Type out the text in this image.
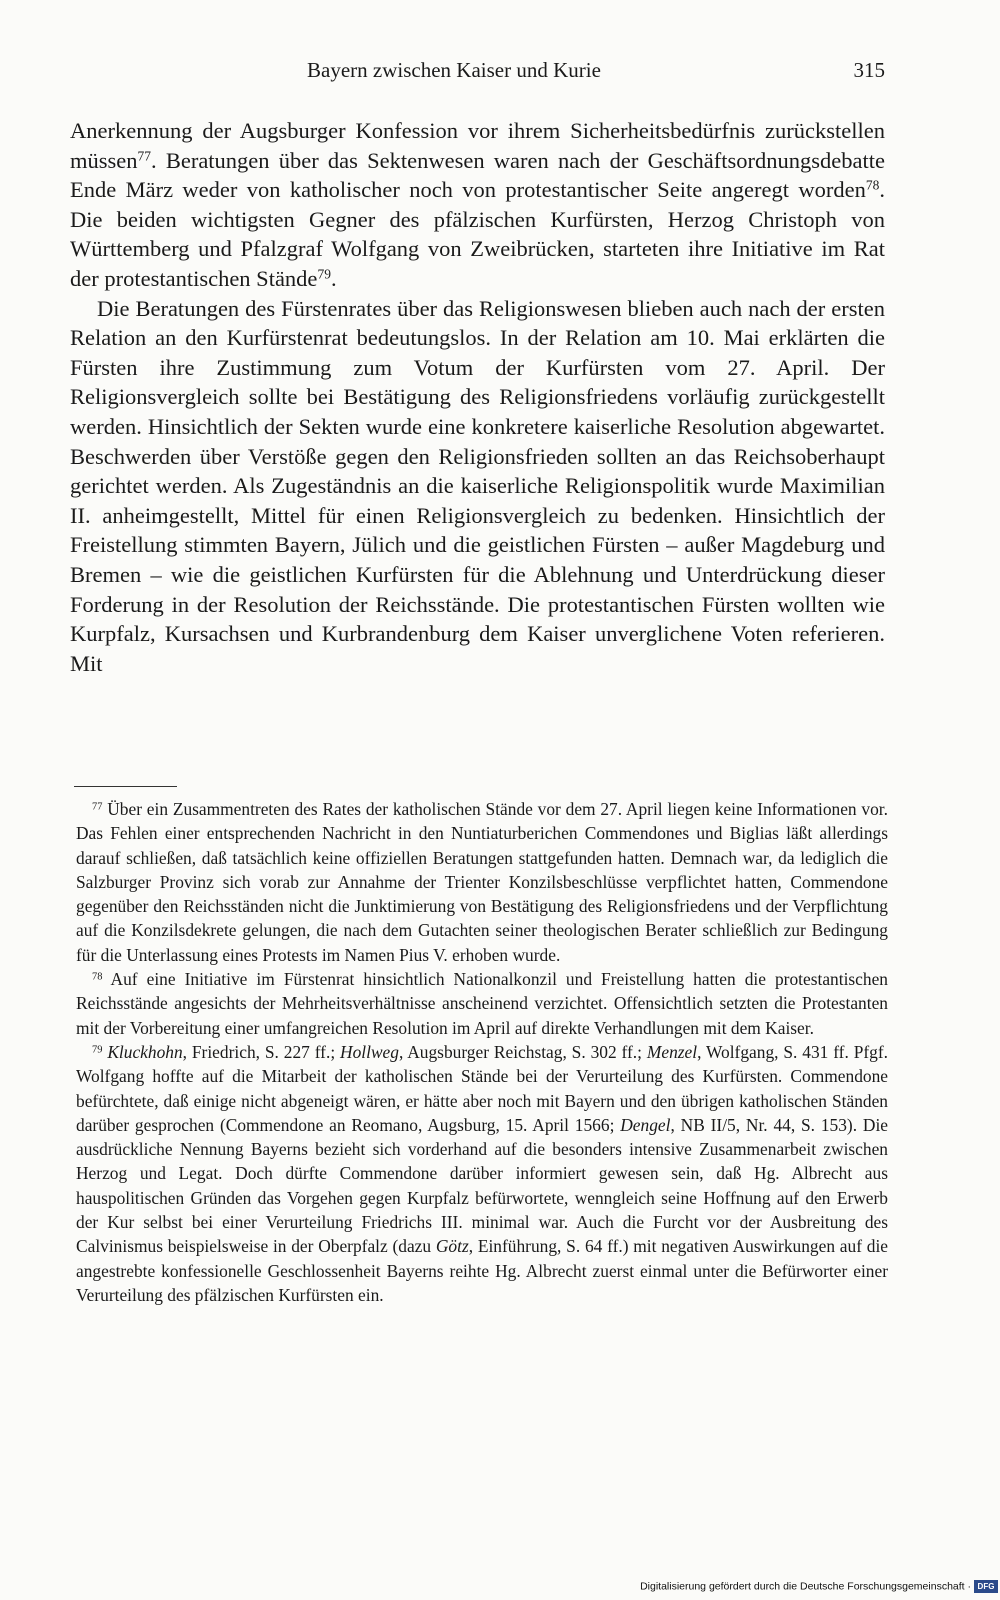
Bayern zwischen Kaiser und Kurie	315

Anerkennung der Augsburger Konfession vor ihrem Sicherheitsbedürfnis zurückstellen müssen$^{77}$. Beratungen über das Sektenwesen waren nach der Geschäftsordnungsdebatte Ende März weder von katholischer noch von protestantischer Seite angeregt worden$^{78}$. Die beiden wichtigsten Gegner des pfälzischen Kurfürsten, Herzog Christoph von Württemberg und Pfalzgraf Wolfgang von Zweibrücken, starteten ihre Initiative im Rat der protestantischen Stände$^{79}$.

Die Beratungen des Fürstenrates über das Religionswesen blieben auch nach der ersten Relation an den Kurfürstenrat bedeutungslos. In der Relation am 10. Mai erklärten die Fürsten ihre Zustimmung zum Votum der Kurfürsten vom 27. April. Der Religionsvergleich sollte bei Bestätigung des Religionsfriedens vorläufig zurückgestellt werden. Hinsichtlich der Sekten wurde eine konkretere kaiserliche Resolution abgewartet. Beschwerden über Verstöße gegen den Religionsfrieden sollten an das Reichsoberhaupt gerichtet werden. Als Zugeständnis an die kaiserliche Religionspolitik wurde Maximilian II. anheimgestellt, Mittel für einen Religionsvergleich zu bedenken. Hinsichtlich der Freistellung stimmten Bayern, Jülich und die geistlichen Fürsten – außer Magdeburg und Bremen – wie die geistlichen Kurfürsten für die Ablehnung und Unterdrückung dieser Forderung in der Resolution der Reichsstände. Die protestantischen Fürsten wollten wie Kurpfalz, Kursachsen und Kurbrandenburg dem Kaiser unverglichene Voten referieren. Mit

$^{77}$ Über ein Zusammentreten des Rates der katholischen Stände vor dem 27. April liegen keine Informationen vor. Das Fehlen einer entsprechenden Nachricht in den Nuntiaturberichen Commendones und Biglias läßt allerdings darauf schließen, daß tatsächlich keine offiziellen Beratungen stattgefunden hatten. Demnach war, da lediglich die Salzburger Provinz sich vorab zur Annahme der Trienter Konzilsbeschlüsse verpflichtet hatten, Commendone gegenüber den Reichsständen nicht die Junktimierung von Bestätigung des Religionsfriedens und der Verpflichtung auf die Konzilsdekrete gelungen, die nach dem Gutachten seiner theologischen Berater schließlich zur Bedingung für die Unterlassung eines Protests im Namen Pius V. erhoben wurde.

$^{78}$ Auf eine Initiative im Fürstenrat hinsichtlich Nationalkonzil und Freistellung hatten die protestantischen Reichsstände angesichts der Mehrheitsverhältnisse anscheinend verzichtet. Offensichtlich setzten die Protestanten mit der Vorbereitung einer umfangreichen Resolution im April auf direkte Verhandlungen mit dem Kaiser.

$^{79}$ Kluckhohn, Friedrich, S. 227 ff.; Hollweg, Augsburger Reichstag, S. 302 ff.; Menzel, Wolfgang, S. 431 ff. Pfgf. Wolfgang hoffte auf die Mitarbeit der katholischen Stände bei der Verurteilung des Kurfürsten. Commendone befürchtete, daß einige nicht abgeneigt wären, er hätte aber noch mit Bayern und den übrigen katholischen Ständen darüber gesprochen (Commendone an Reomano, Augsburg, 15. April 1566; Dengel, NB II/5, Nr. 44, S. 153). Die ausdrückliche Nennung Bayerns bezieht sich vorderhand auf die besonders intensive Zusammenarbeit zwischen Herzog und Legat. Doch dürfte Commendone darüber informiert gewesen sein, daß Hg. Albrecht aus hauspolitischen Gründen das Vorgehen gegen Kurpfalz befürwortete, wenngleich seine Hoffnung auf den Erwerb der Kur selbst bei einer Verurteilung Friedrichs III. minimal war. Auch die Furcht vor der Ausbreitung des Calvinismus beispielsweise in der Oberpfalz (dazu Götz, Einführung, S. 64 ff.) mit negativen Auswirkungen auf die angestrebte konfessionelle Geschlossenheit Bayerns reihte Hg. Albrecht zuerst einmal unter die Befürworter einer Verurteilung des pfälzischen Kurfürsten ein.

Digitalisierung gefördert durch die Deutsche Forschungsgemeinschaft · DFG
